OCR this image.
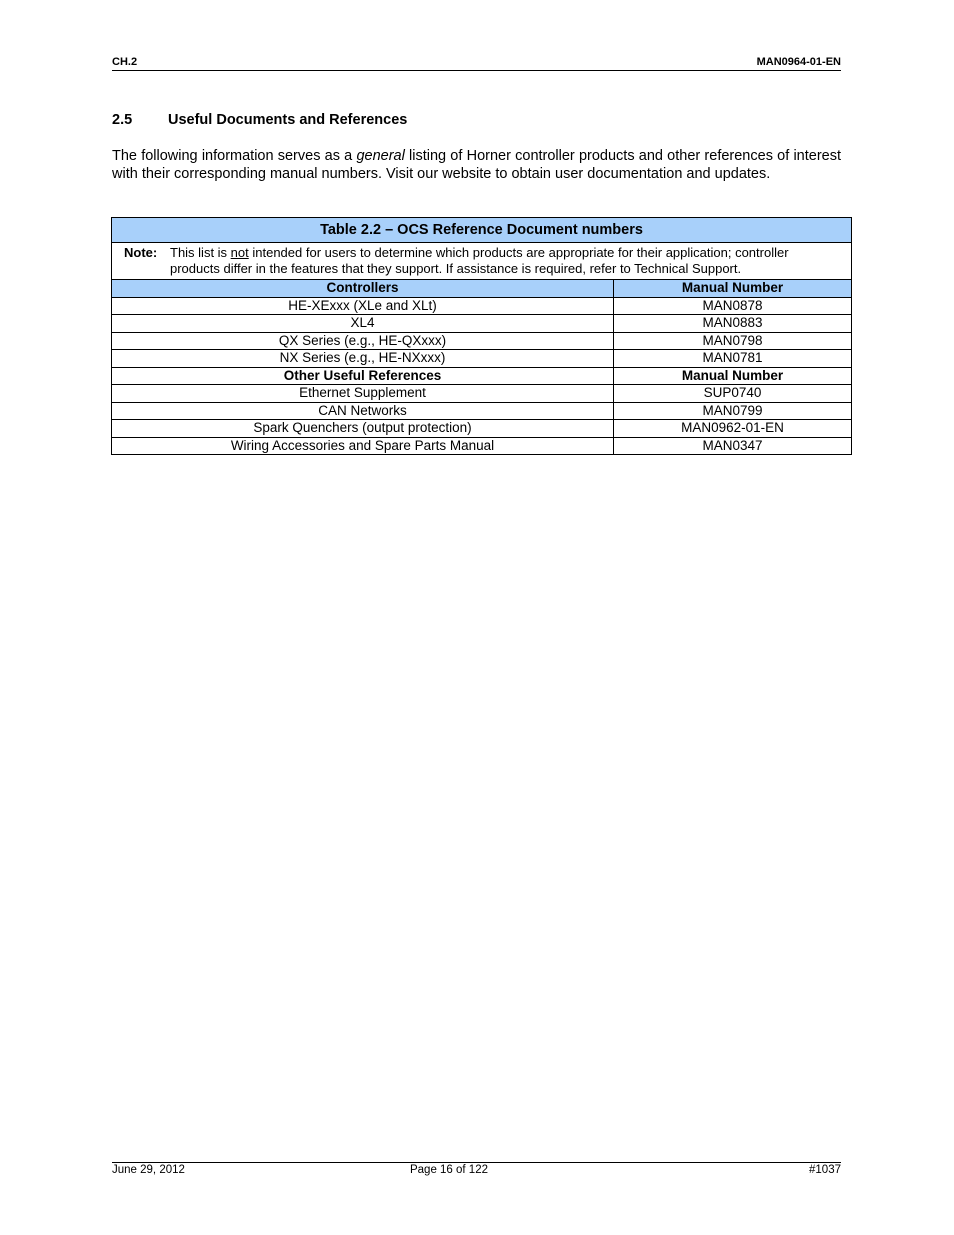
CH.2	MAN0964-01-EN
2.5 Useful Documents and References
The following information serves as a general listing of Horner controller products and other references of interest with their corresponding manual numbers. Visit our website to obtain user documentation and updates.
Table 2.2 – OCS Reference Document numbers	

Note: This list is not intended for users to determine which products are appropriate for their application; controller
products differ in the features that they support. If assistance is required, refer to Technical Support.	

Controllers	Manual Number
HE-XExxx (XLe and XLt)	MAN0878
XL4	MAN0883
QX Series (e.g., HE-QXxxx)	MAN0798
NX Series (e.g., HE-NXxxx)	MAN0781
Other Useful References	Manual Number
Ethernet Supplement	SUP0740
CAN Networks	MAN0799
Spark Quenchers (output protection)	MAN0962-01-EN
Wiring Accessories and Spare Parts Manual	MAN0347
June 29, 2012	Page 16 of 122	#1037
